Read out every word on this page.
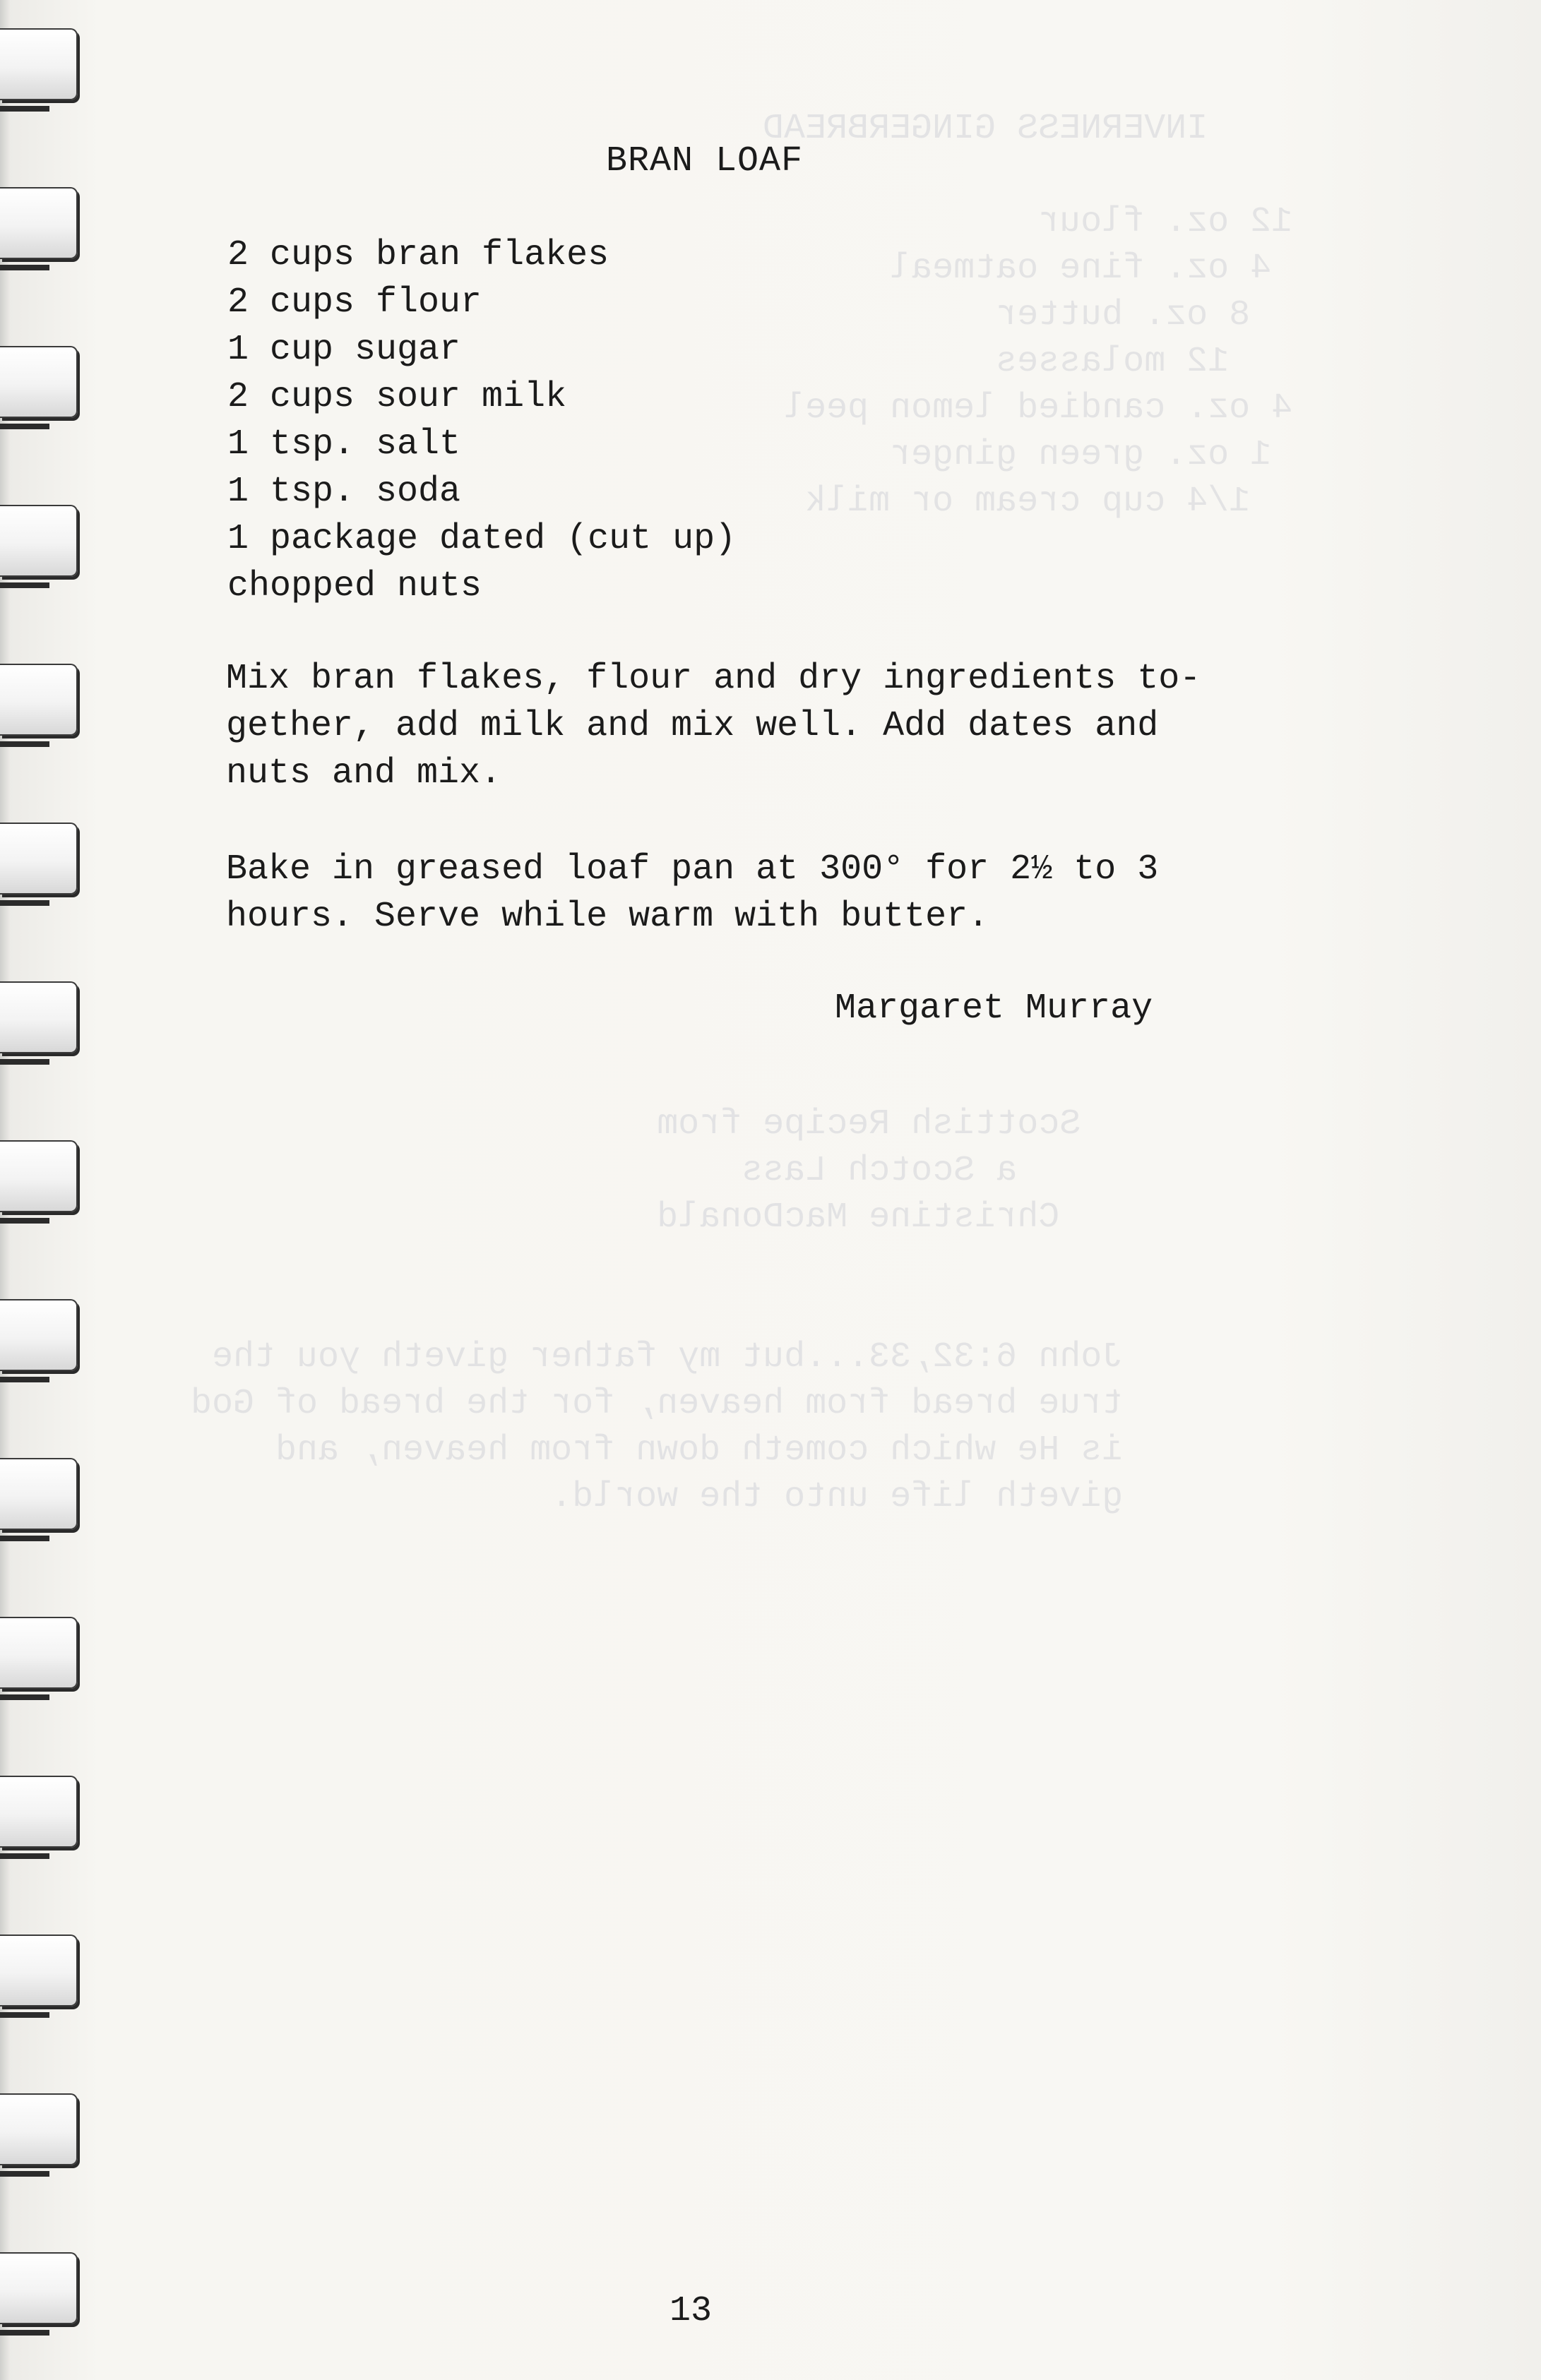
INVERNESS GINGERBREAD

12 oz. flour
4 oz. fine oatmeal
8 oz. butter
12 molasses
4 oz. candied lemon peel
1 oz. green ginger
1/4 cup cream or milk
Scottish Recipe from
a Scotch Lass
Christine MacDonald

John 6:32,33...but my father giveth you the
true bread from heaven, for the bread of God
is He which cometh down from heaven, and
giveth life unto the world.
BRAN LOAF
2 cups bran flakes
2 cups flour
1 cup sugar
2 cups sour milk
1 tsp. salt
1 tsp. soda
1 package dated (cut up)
chopped nuts
Mix bran flakes, flour and dry ingredients to-
gether, add milk and mix well. Add dates and
nuts and mix.
Bake in greased loaf pan at 300° for 2½ to 3
hours. Serve while warm with butter.
Margaret Murray
13
